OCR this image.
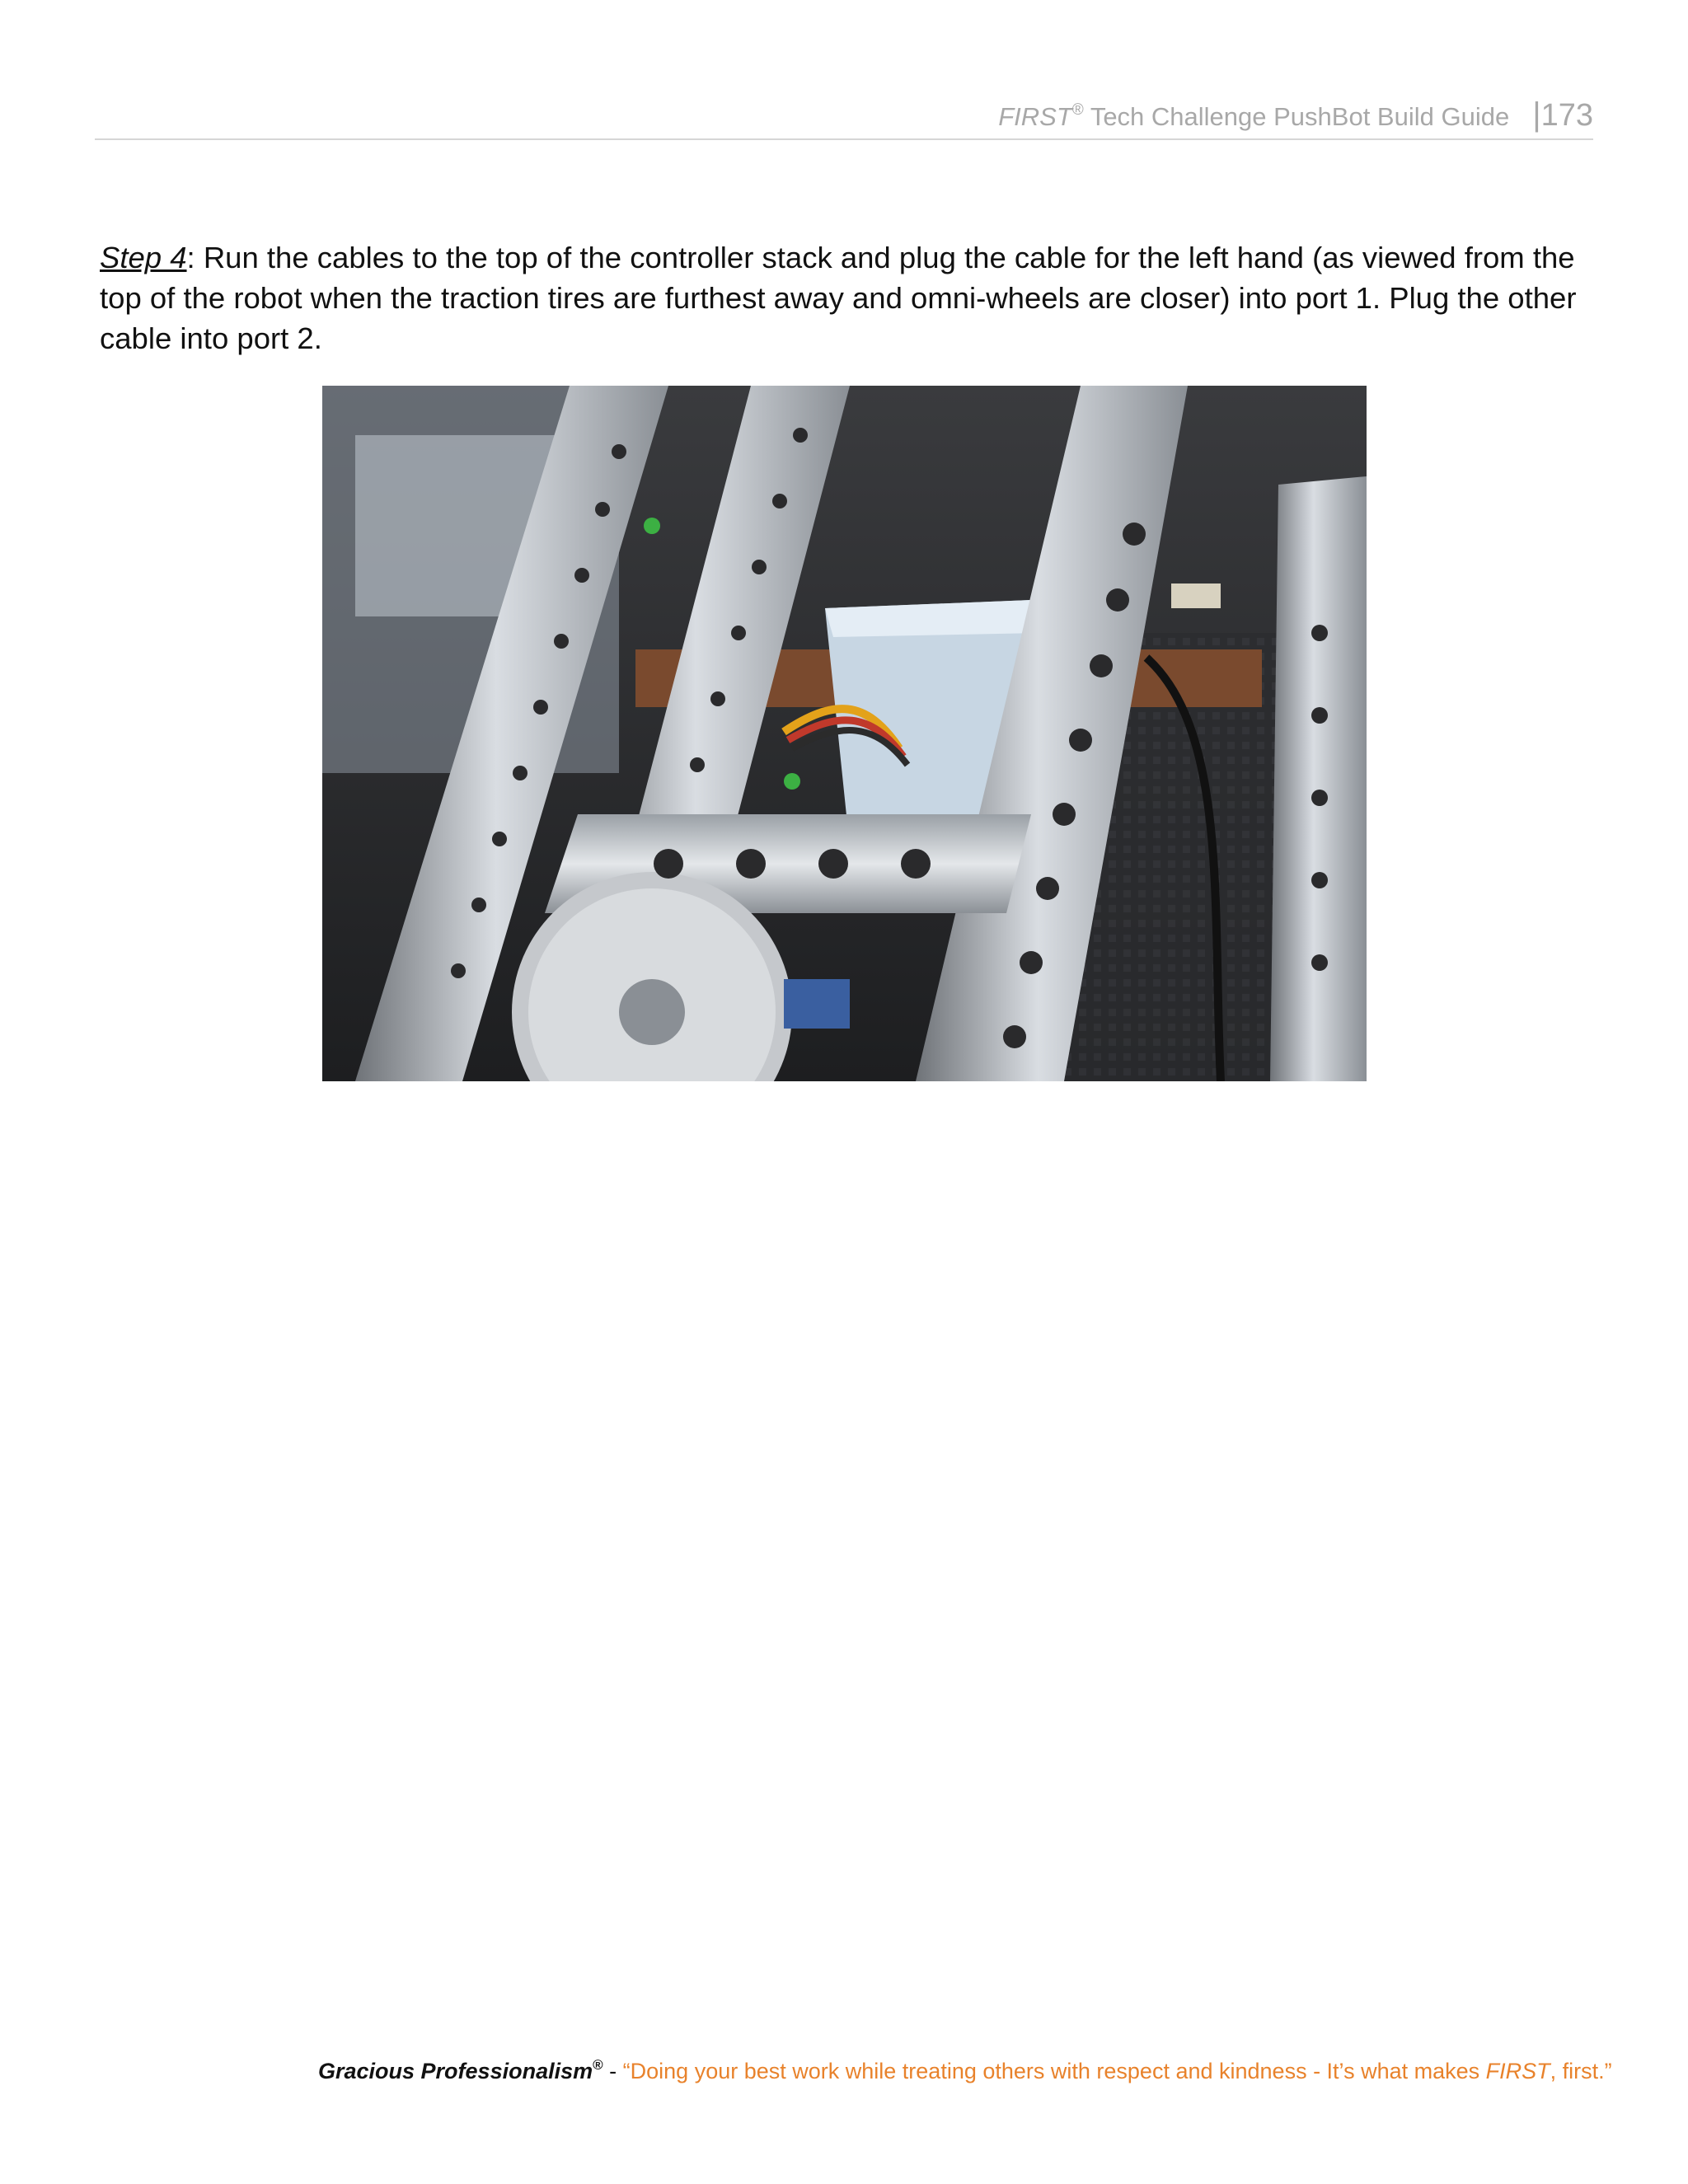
FIRST® Tech Challenge PushBot Build Guide |173

Step 4: Run the cables to the top of the controller stack and plug the cable for the left hand (as viewed from the top of the robot when the traction tires are furthest away and omni-wheels are closer) into port 1. Plug the other cable into port 2.

Gracious Professionalism® - “Doing your best work while treating others with respect and kindness - It’s what makes FIRST, first.”
